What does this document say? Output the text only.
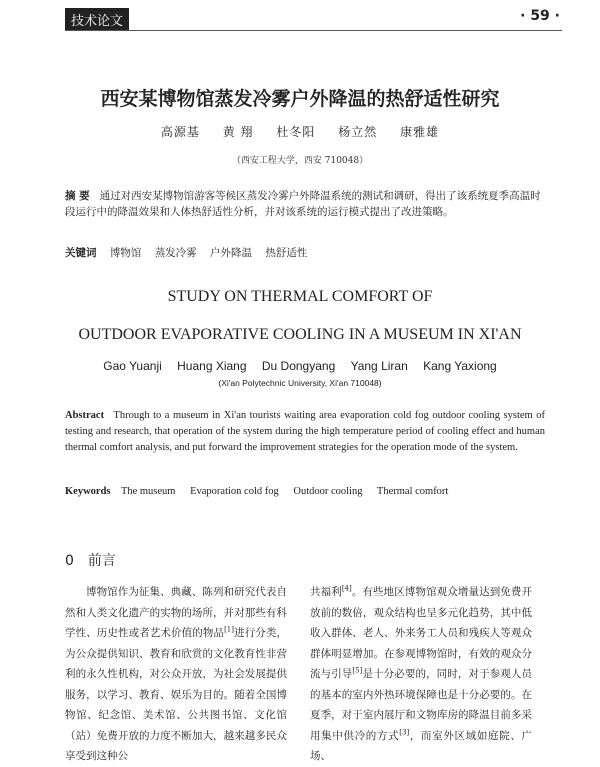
技术论文	· 59 ·
西安某博物馆蒸发冷雾户外降温的热舒适性研究
高源基 黄 翔 杜冬阳 杨立然 康雅雄
（西安工程大学，西安 710048）
摘 要 通过对西安某博物馆游客等候区蒸发冷雾户外降温系统的测试和调研，得出了该系统夏季高温时段运行中的降温效果和人体热舒适性分析，并对该系统的运行模式提出了改进策略。
关键词 博物馆 蒸发冷雾 户外降温 热舒适性
STUDY ON THERMAL COMFORT OF
OUTDOOR EVAPORATIVE COOLING IN A MUSEUM IN XI'AN
Gao Yuanji Huang Xiang Du Dongyang Yang Liran Kang Yaxiong
(Xi'an Polytechnic University, Xi'an 710048)
Abstract Through to a museum in Xi'an tourists waiting area evaporation cold fog outdoor cooling system of testing and research, that operation of the system during the high temperature period of cooling effect and human thermal comfort analysis, and put forward the improvement strategies for the operation mode of the system.
Keywords The museum Evaporation cold fog Outdoor cooling Thermal comfort
0 前言
博物馆作为征集、典藏、陈列和研究代表自然和人类文化遗产的实物的场所，并对那些有科学性、历史性或者艺术价值的物品[1]进行分类，为公众提供知识、教育和欣赏的文化教育性非营利的永久性机构，对公众开放，为社会发展提供服务，以学习、教育、娱乐为目的。随着全国博物馆、纪念馆、美术馆、公共图书馆、文化馆（站）免费开放的力度不断加大，越来越多民众享受到这种公
共福利[4]。有些地区博物馆观众增量达到免费开放前的数倍，观众结构也呈多元化趋势，其中低收入群体、老人、外来务工人员和残疾人等观众群体明显增加。在参观博物馆时，有效的观众分流与引导[5]是十分必要的，同时，对于参观人员的基本的室内外热环境保障也是十分必要的。在夏季，对于室内展厅和文物库房的降温目前多采用集中供冷的方式[3]，而室外区域如庭院、广场、
